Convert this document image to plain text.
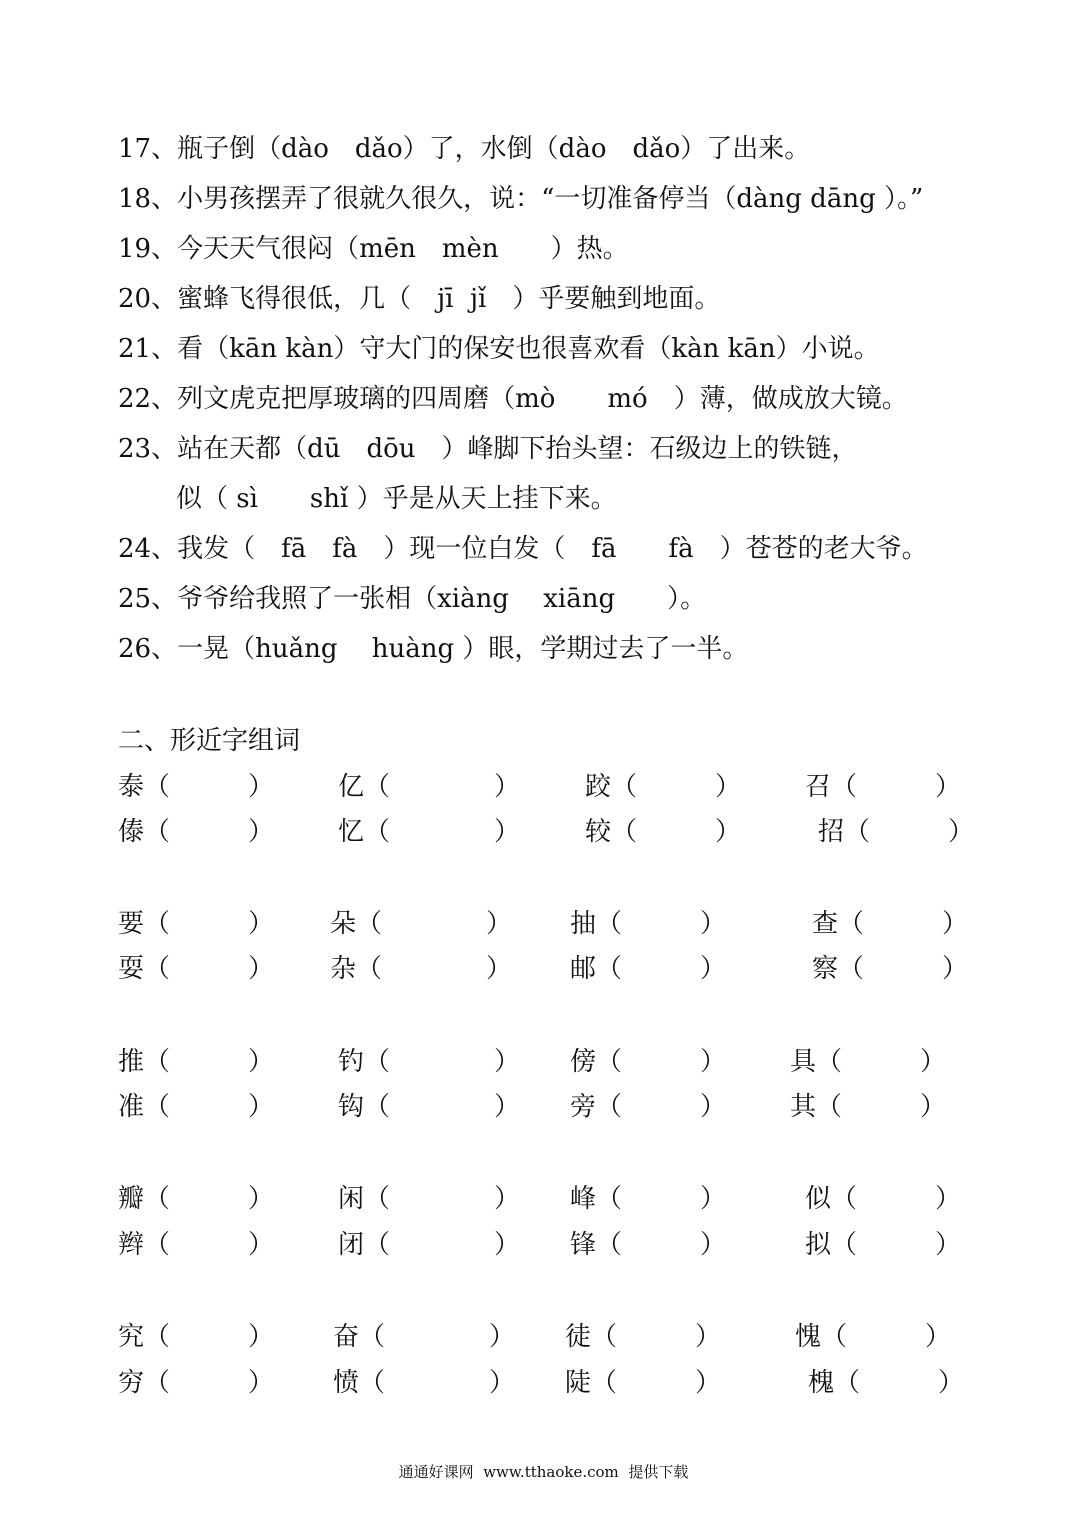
17、瓶子倒（dào　dǎo）了，水倒（dào　dǎo）了出来。
18、小男孩摆弄了很就久很久，说：“一切准备停当（dàng dāng ）。”
19、今天天气很闷（mēn　mèn　　）热。
20、蜜蜂飞得很低，几（　jī  jǐ　）乎要触到地面。
21、看（kān kàn）守大门的保安也很喜欢看（kàn kān）小说。
22、列文虎克把厚玻璃的四周磨（mò　　mó　）薄，做成放大镜。
23、站在天都（dū　dōu　）峰脚下抬头望：石级边上的铁链，
　似（ sì　　shǐ ）乎是从天上挂下来。
24、我发（　fā　fà　）现一位白发（　fā　　fà　）苍苍的老大爷。
25、爷爷给我照了一张相（xiàng　 xiāng　　）。
26、一晃（huǎng　 huàng ）眼，学期过去了一半。
二、形近字组词
泰（　　　） 亿（　　　　） 跤（　　　） 召（　　　）
傣（　　　） 忆（　　　　） 较（　　　）	招（　　　）
要（　　　） 朵（　　　　） 抽（　　　）	查（　　　）
耍（　　　） 杂（　　　　） 邮（　　　）	察（　　　）
推（　　　） 钓（　　　　） 傍（　　　） 具（　　　）
准（　　　） 钩（　　　　） 旁（　　　） 其（　　　）
瓣（　　　） 闲（　　　　） 峰（　　　）	似（　　　）
辫（　　　） 闭（　　　　） 锋（　　　）	拟（　　　）
究（　　　） 奋（　　　　） 徒（　　　）	愧（　　　）
穷（　　　） 愤（　　　　） 陡（　　　）	槐（　　　）
通通好课网  www.tthaoke.com  提供下载
